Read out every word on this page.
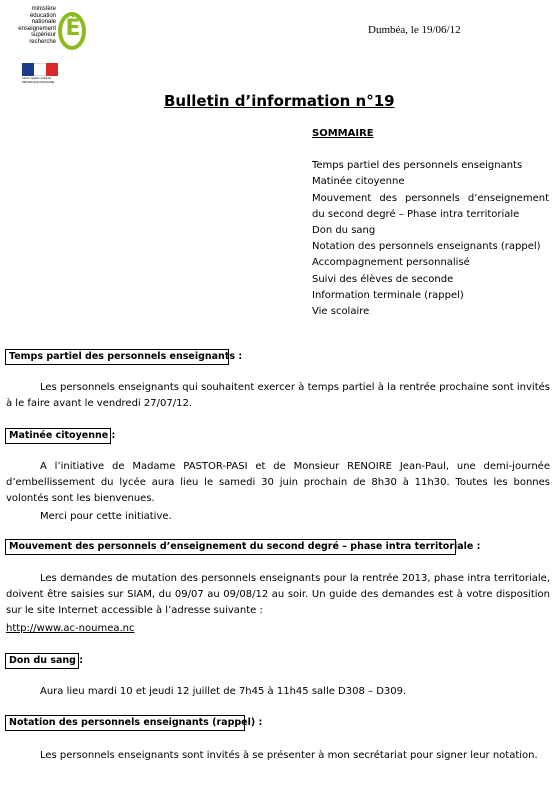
ministère
éducation
nationale
enseignement
supérieur
recherche
É
Liberté • Égalité • Fraternité
RÉPUBLIQUE FRANÇAISE
Dumbéa, le 19/06/12
Bulletin d’information n°19
SOMMAIRE
Temps partiel des personnels enseignants
Matinée citoyenne
Mouvement des personnels d’enseignement du second degré – Phase intra territoriale
Don du sang
Notation des personnels enseignants (rappel)
Accompagnement personnalisé
Suivi des élèves de seconde
Information terminale (rappel)
Vie scolaire
Temps partiel des personnels enseignants :
Les personnels enseignants qui souhaitent exercer à temps partiel à la rentrée prochaine sont invités à le faire avant le vendredi 27/07/12.
Matinée citoyenne :
A l’initiative de Madame PASTOR-PASI et de Monsieur RENOIRE Jean-Paul, une demi-journée d’embellissement du lycée aura lieu le samedi 30 juin prochain de 8h30 à 11h30. Toutes les bonnes volontés sont les bienvenues.
Merci pour cette initiative.
Mouvement des personnels d’enseignement du second degré – phase intra territoriale :
Les demandes de mutation des personnels enseignants pour la rentrée 2013, phase intra territoriale, doivent être saisies sur SIAM, du 09/07 au 09/08/12 au soir. Un guide des demandes est à votre disposition sur le site Internet accessible à l’adresse suivante :
http://www.ac-noumea.nc
Don du sang :
Aura lieu mardi 10 et jeudi 12 juillet de 7h45 à 11h45 salle D308 – D309.
Notation des personnels enseignants (rappel) :
Les personnels enseignants sont invités à se présenter à mon secrétariat pour signer leur notation.
